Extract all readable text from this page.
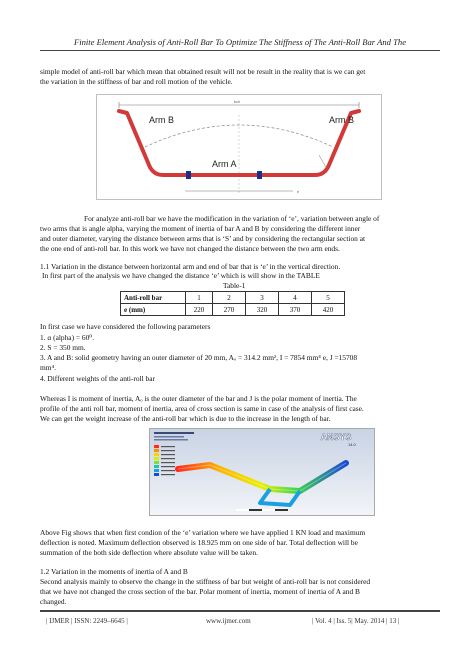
Finite Element Analysis of Anti-Roll Bar To Optimize The Stiffness of The Anti-Roll Bar And The
simple model of anti-roll bar which mean that obtained result will not be result in the reality that is we can get
the variation in the stiffness of bar and roll motion of the vehicle.
bck
e
d
Arm B	Arm B
Arm A
For analyze anti-roll bar we have the modification in the variation of ‘e’, variation between angle of
two arms that is angle alpha, varying the moment of inertia of bar A and B by considering the different inner
and outer diameter, varying the distance between arms that is ‘S’ and by considering the rectangular section at
the one end of anti-roll bar. In this work we have not changed the distance between the two arm ends.
1.1 Variation in the distance between horizontal arm and end of bar that is ‘e’ in the vertical direction.
In first part of the analysis we have changed the distance ‘e’ which is will show in the TABLE
Table-1
Anti-roll bar	1	2	3	4	5
e (mm)	220	270	320	370	420
In first case we have considered the following parameters
1. α (alpha) = 60⁰.
2. S = 350 mm.
3. A and B: solid geometry having an outer diameter of 20 mm, Aₒ = 314.2 mm², I = 7854 mm⁴ e, J =15708
mm⁴.
4. Different weights of the anti-roll bar
Whereas I is moment of inertia, Aₒ is the outer diameter of the bar and J is the polar moment of inertia. The
profile of the anti roll bar, moment of inertia, area of cross section is same in case of the analysis of first case.
We can get the weight increase of the anti-roll bar which is due to the increase in the length of bar.
ANSYS
14.0
Above Fig shows that when first condion of the ‘e’ variation where we have applied 1 KN load and maximum
deflection is noted. Maximum deflection observed is 18.925 mm on one side of bar. Total deflection will be
summation of the both side deflection where absolute value will be taken.
1.2 Variation in the moments of inertia of A and B
Second analysis mainly to observe the change in the stiffness of bar but weight of anti-roll bar is not considered
that we have not changed the cross section of the bar. Polar moment of inertia, moment of inertia of A and B
changed.
| IJMER | ISSN: 2249–6645 |	www.ijmer.com	| Vol. 4 | Iss. 5| May. 2014 | 13 |
